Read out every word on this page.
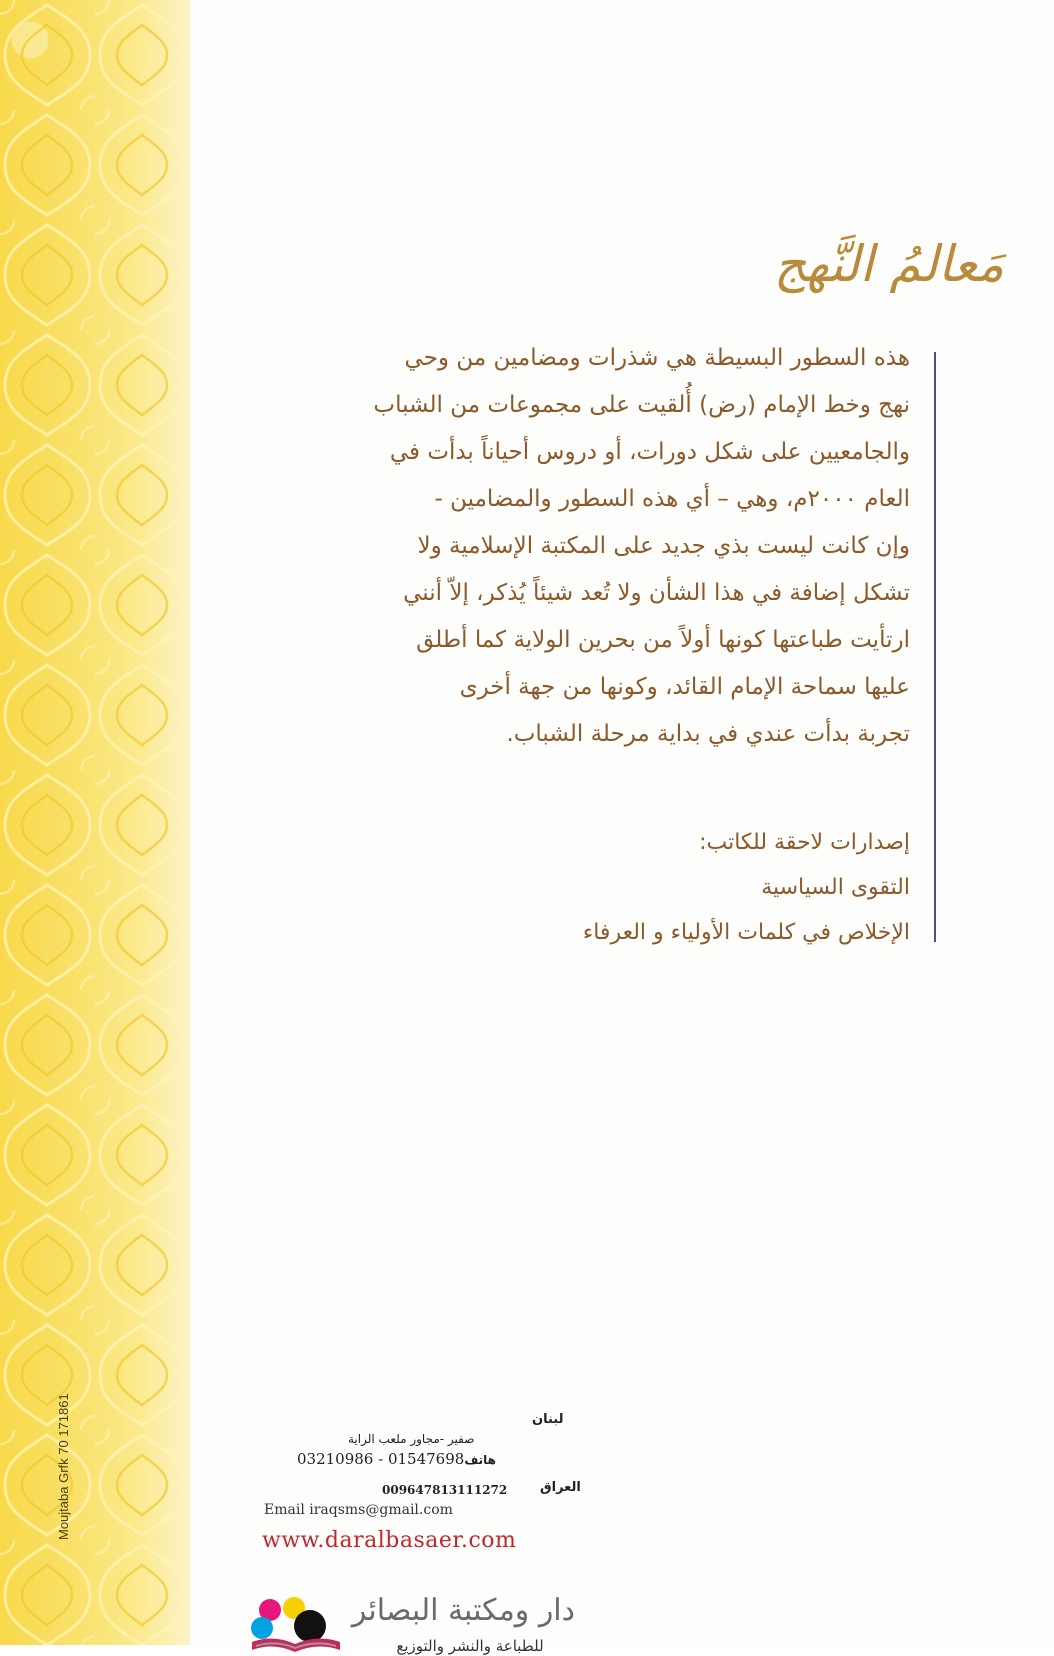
Moujtaba Grfk 70 171861
مَعالمُ النَّهج

هذه السطور البسيطة هي شذرات ومضامين من وحي

نهج وخط الإمام (رض) أُلقيت على مجموعات من الشباب

والجامعيين على شكل دورات، أو دروس أحياناً بدأت في

العام ٢٠٠٠م، وهي – أي هذه السطور والمضامين -

وإن كانت ليست بذي جديد على المكتبة الإسلامية ولا

تشكل إضافة في هذا الشأن ولا تُعد شيئاً يُذكر، إلاّ أنني

ارتأيت طباعتها كونها أولاً من بحرين الولاية كما أطلق

عليها سماحة الإمام القائد، وكونها من جهة أخرى

تجربة بدأت عندي في بداية مرحلة الشباب.

إصدارات لاحقة للكاتب:
التقوى السياسية
الإخلاص في كلمات الأولياء و العرفاء
دار ومكتبة البصائر
للطباعة والنشر والتوزيع
لبنان
صفير -مجاور ملعب الراية
03210986 - 01547698هاتف
العراق
009647813111272
Email iraqsms@gmail.com
www.daralbasaer.com
